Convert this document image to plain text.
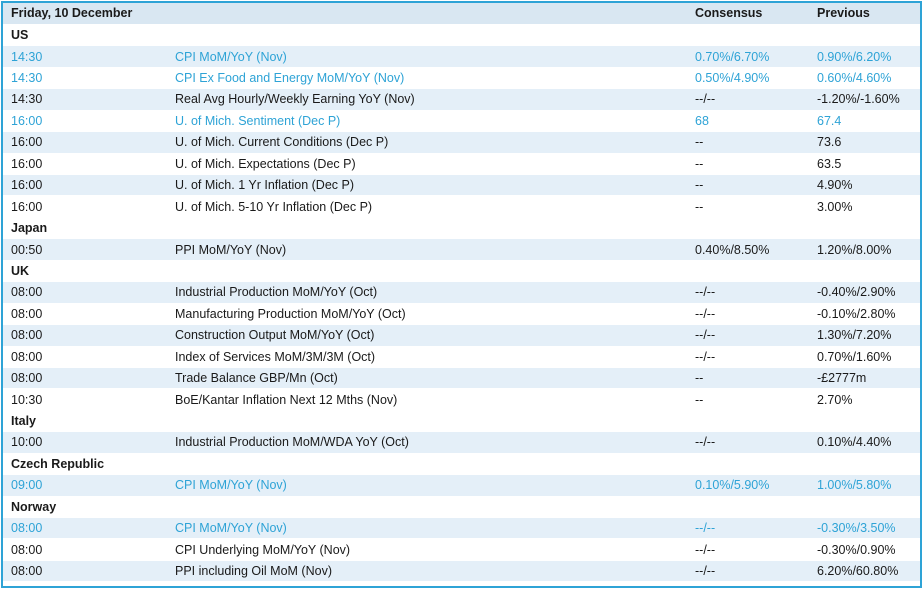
Friday, 10 December		Consensus	Previous
US			
14:30	CPI MoM/YoY (Nov)	0.70%/6.70%	0.90%/6.20%
14:30	CPI Ex Food and Energy MoM/YoY (Nov)	0.50%/4.90%	0.60%/4.60%
14:30	Real Avg Hourly/Weekly Earning YoY (Nov)	--/--	-1.20%/-1.60%
16:00	U. of Mich. Sentiment (Dec P)	68	67.4
16:00	U. of Mich. Current Conditions (Dec P)	--	73.6
16:00	U. of Mich. Expectations (Dec P)	--	63.5
16:00	U. of Mich. 1 Yr Inflation (Dec P)	--	4.90%
16:00	U. of Mich. 5-10 Yr Inflation (Dec P)	--	3.00%
Japan			
00:50	PPI MoM/YoY (Nov)	0.40%/8.50%	1.20%/8.00%
UK			
08:00	Industrial Production MoM/YoY (Oct)	--/--	-0.40%/2.90%
08:00	Manufacturing Production MoM/YoY (Oct)	--/--	-0.10%/2.80%
08:00	Construction Output MoM/YoY (Oct)	--/--	1.30%/7.20%
08:00	Index of Services MoM/3M/3M (Oct)	--/--	0.70%/1.60%
08:00	Trade Balance GBP/Mn (Oct)	--	-£2777m
10:30	BoE/Kantar Inflation Next 12 Mths (Nov)	--	2.70%
Italy			
10:00	Industrial Production MoM/WDA YoY (Oct)	--/--	0.10%/4.40%
Czech Republic			
09:00	CPI MoM/YoY (Nov)	0.10%/5.90%	1.00%/5.80%
Norway			
08:00	CPI MoM/YoY (Nov)	--/--	-0.30%/3.50%
08:00	CPI Underlying MoM/YoY (Nov)	--/--	-0.30%/0.90%
08:00	PPI including Oil MoM (Nov)	--/--	6.20%/60.80%
